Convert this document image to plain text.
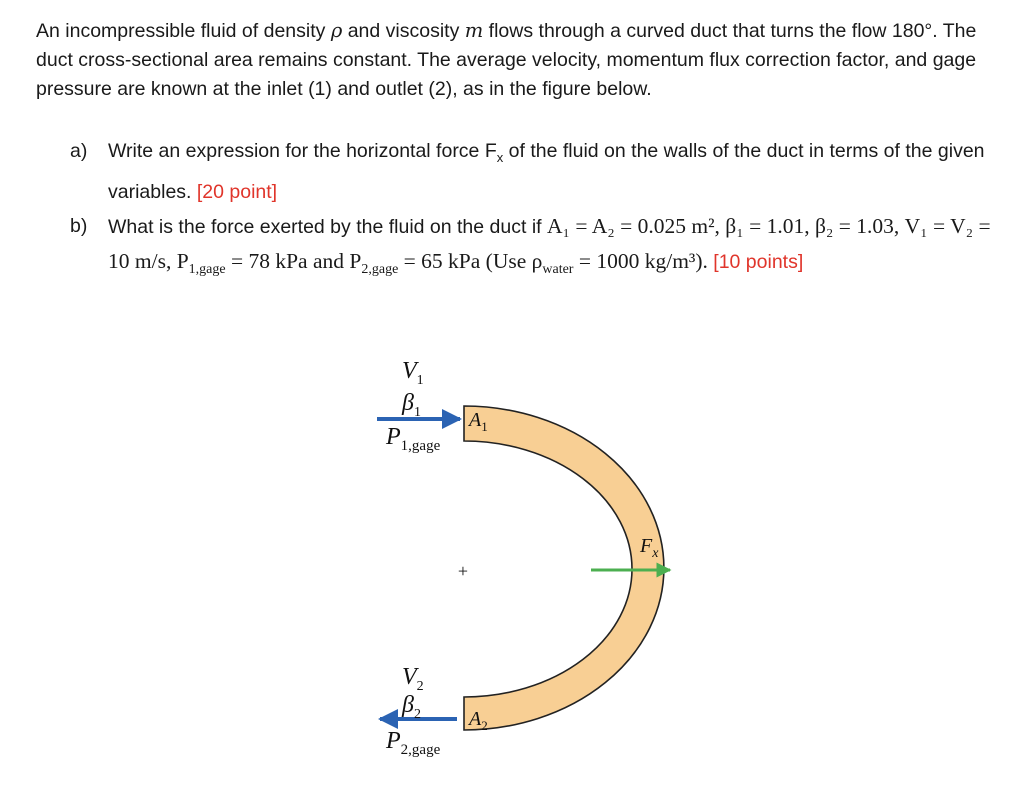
An incompressible fluid of density ρ and viscosity m flows through a curved duct that turns the flow 180°. The duct cross-sectional area remains constant. The average velocity, momentum flux correction factor, and gage pressure are known at the inlet (1) and outlet (2), as in the figure below.
a) Write an expression for the horizontal force $F_x$ of the fluid on the walls of the duct in terms of the given variables. [20 point]
b) What is the force exerted by the fluid on the duct if A₁ = A₂ = 0.025 m², β₁ = 1.01, β₂ = 1.03, V₁ = V₂ = 10 m/s, $P_{1,gage} = 78$ kPa and $P_{2,gage} = 65$ kPa (Use $\rho_{water} = 1000$ kg/m³). [10 points]
+
V1
β1
P1,gage
$A_1$
Fx
V2
β2
P2,gage
$A_2$
